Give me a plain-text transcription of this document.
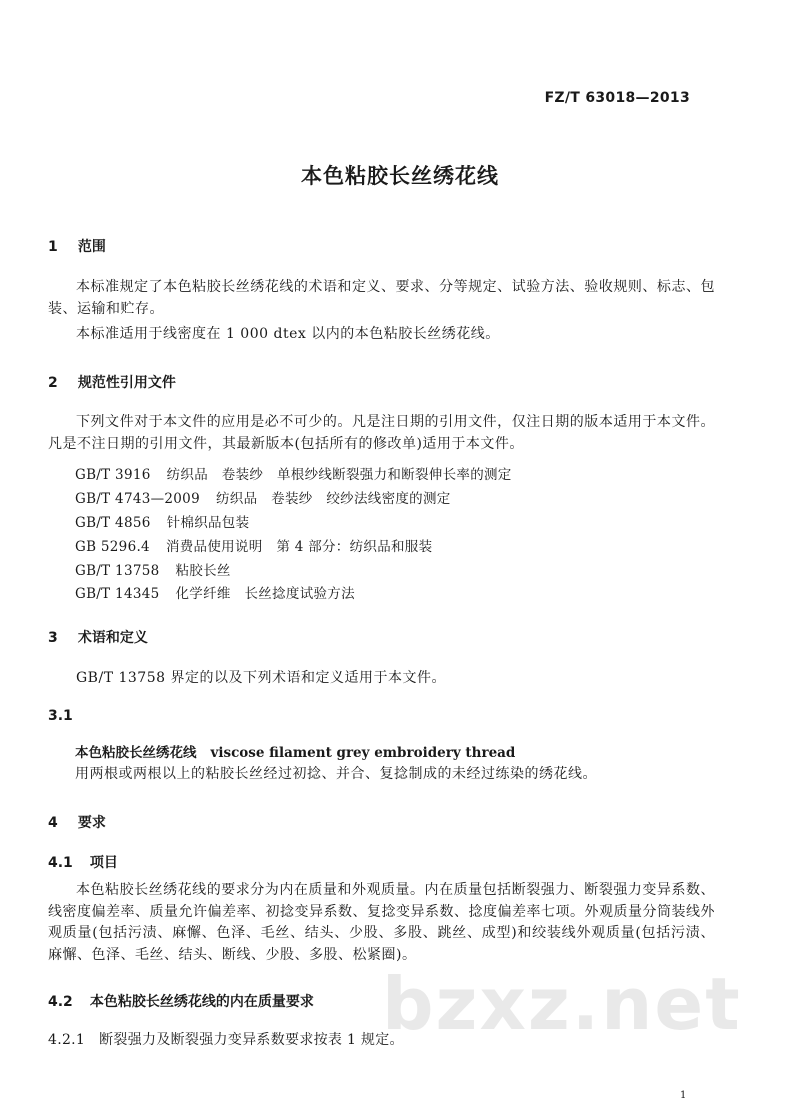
FZ/T 63018—2013
本色粘胶长丝绣花线
1 范围
本标准规定了本色粘胶长丝绣花线的术语和定义、要求、分等规定、试验方法、验收规则、标志、包装、运输和贮存。
本标准适用于线密度在 1 000 dtex 以内的本色粘胶长丝绣花线。
2 规范性引用文件
下列文件对于本文件的应用是必不可少的。凡是注日期的引用文件，仅注日期的版本适用于本文件。凡是不注日期的引用文件，其最新版本(包括所有的修改单)适用于本文件。
GB/T 3916 纺织品　卷装纱　单根纱线断裂强力和断裂伸长率的测定
GB/T 4743—2009 纺织品　卷装纱　绞纱法线密度的测定
GB/T 4856 针棉织品包装
GB 5296.4 消费品使用说明　第 4 部分：纺织品和服装
GB/T 13758 粘胶长丝
GB/T 14345 化学纤维　长丝捻度试验方法
3 术语和定义
GB/T 13758 界定的以及下列术语和定义适用于本文件。
3.1
本色粘胶长丝绣花线 viscose filament grey embroidery thread
用两根或两根以上的粘胶长丝经过初捻、并合、复捻制成的未经过练染的绣花线。
4 要求
4.1 项目
本色粘胶长丝绣花线的要求分为内在质量和外观质量。内在质量包括断裂强力、断裂强力变异系数、线密度偏差率、质量允许偏差率、初捻变异系数、复捻变异系数、捻度偏差率七项。外观质量分筒装线外观质量(包括污渍、麻懈、色泽、毛丝、结头、少股、多股、跳丝、成型)和绞装线外观质量(包括污渍、麻懈、色泽、毛丝、结头、断线、少股、多股、松紧圈)。
4.2 本色粘胶长丝绣花线的内在质量要求 bzxz.net
4.2.1 断裂强力及断裂强力变异系数要求按表 1 规定。
1
